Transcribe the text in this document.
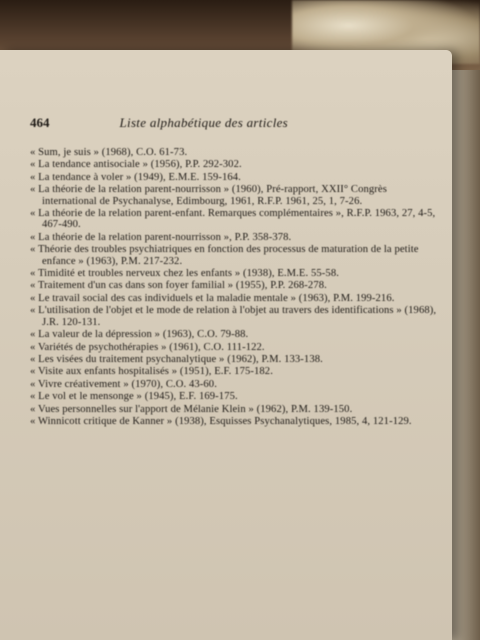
464	Liste alphabétique des articles
« Sum, je suis » (1968), C.O. 61-73.
« La tendance antisociale » (1956), P.P. 292-302.
« La tendance à voler » (1949), E.M.E. 159-164.
« La théorie de la relation parent-nourrisson » (1960), Pré-rapport, XXII° Congrès international de Psychanalyse, Edimbourg, 1961, R.F.P. 1961, 25, 1, 7-26.
« La théorie de la relation parent-enfant. Remarques complémentaires », R.F.P. 1963, 27, 4-5, 467-490.
« La théorie de la relation parent-nourrisson », P.P. 358-378.
« Théorie des troubles psychiatriques en fonction des processus de maturation de la petite enfance » (1963), P.M. 217-232.
« Timidité et troubles nerveux chez les enfants » (1938), E.M.E. 55-58.
« Traitement d'un cas dans son foyer familial » (1955), P.P. 268-278.
« Le travail social des cas individuels et la maladie mentale » (1963), P.M. 199-216.
« L'utilisation de l'objet et le mode de relation à l'objet au travers des identifications » (1968), J.R. 120-131.
« La valeur de la dépression » (1963), C.O. 79-88.
« Variétés de psychothérapies » (1961), C.O. 111-122.
« Les visées du traitement psychanalytique » (1962), P.M. 133-138.
« Visite aux enfants hospitalisés » (1951), E.F. 175-182.
« Vivre créativement » (1970), C.O. 43-60.
« Le vol et le mensonge » (1945), E.F. 169-175.
« Vues personnelles sur l'apport de Mélanie Klein » (1962), P.M. 139-150.
« Winnicott critique de Kanner » (1938), Esquisses Psychanalytiques, 1985, 4, 121-129.
